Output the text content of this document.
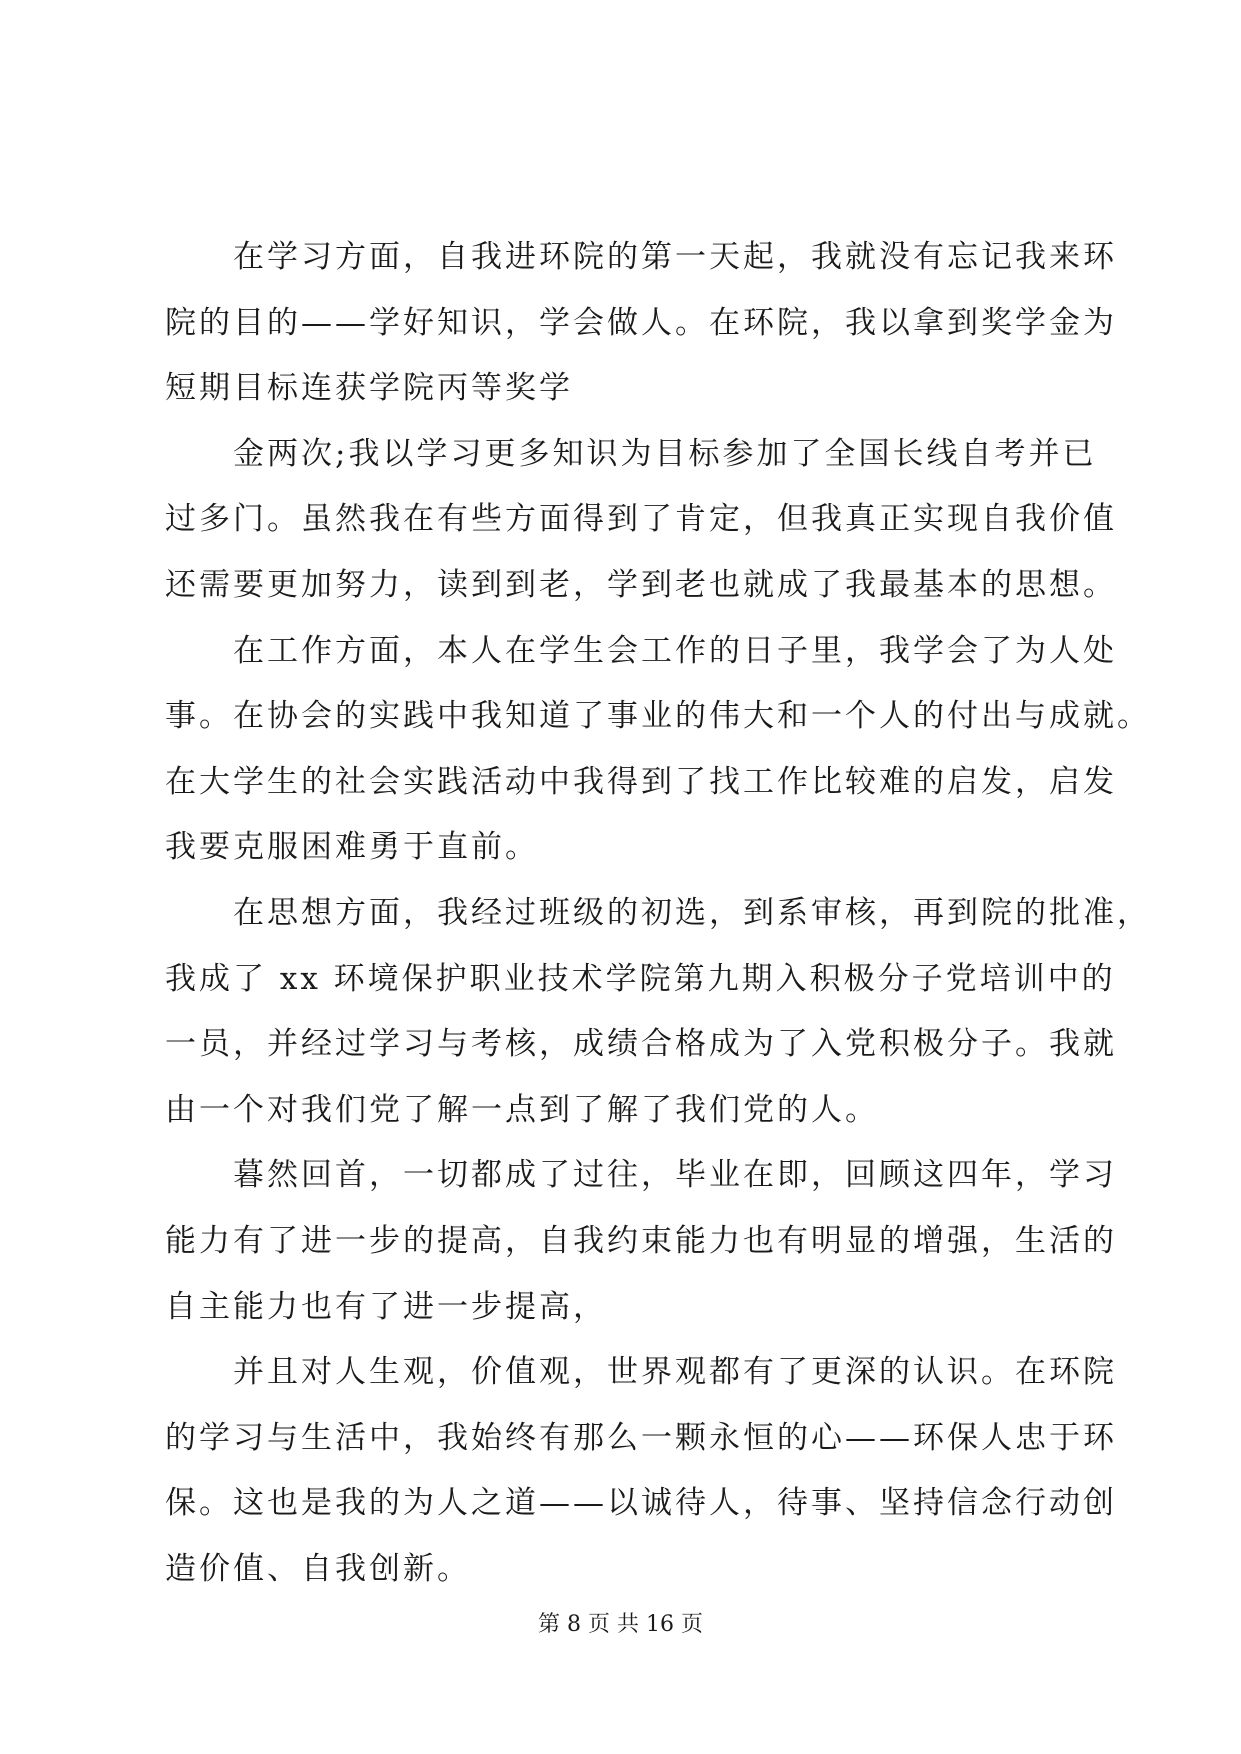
在学习方面，自我进环院的第一天起，我就没有忘记我来环
院的目的——学好知识，学会做人。在环院，我以拿到奖学金为
短期目标连获学院丙等奖学
金两次;我以学习更多知识为目标参加了全国长线自考并已
过多门。虽然我在有些方面得到了肯定，但我真正实现自我价值
还需要更加努力，读到到老，学到老也就成了我最基本的思想。
在工作方面，本人在学生会工作的日子里，我学会了为人处
事。在协会的实践中我知道了事业的伟大和一个人的付出与成就。
在大学生的社会实践活动中我得到了找工作比较难的启发，启发
我要克服困难勇于直前。
在思想方面，我经过班级的初选，到系审核，再到院的批准，
我成了 xx 环境保护职业技术学院第九期入积极分子党培训中的
一员，并经过学习与考核，成绩合格成为了入党积极分子。我就
由一个对我们党了解一点到了解了我们党的人。
暮然回首，一切都成了过往，毕业在即，回顾这四年，学习
能力有了进一步的提高，自我约束能力也有明显的增强，生活的
自主能力也有了进一步提高，
并且对人生观，价值观，世界观都有了更深的认识。在环院
的学习与生活中，我始终有那么一颗永恒的心——环保人忠于环
保。这也是我的为人之道——以诚待人，待事、坚持信念行动创
造价值、自我创新。
第 8 页 共 16 页
